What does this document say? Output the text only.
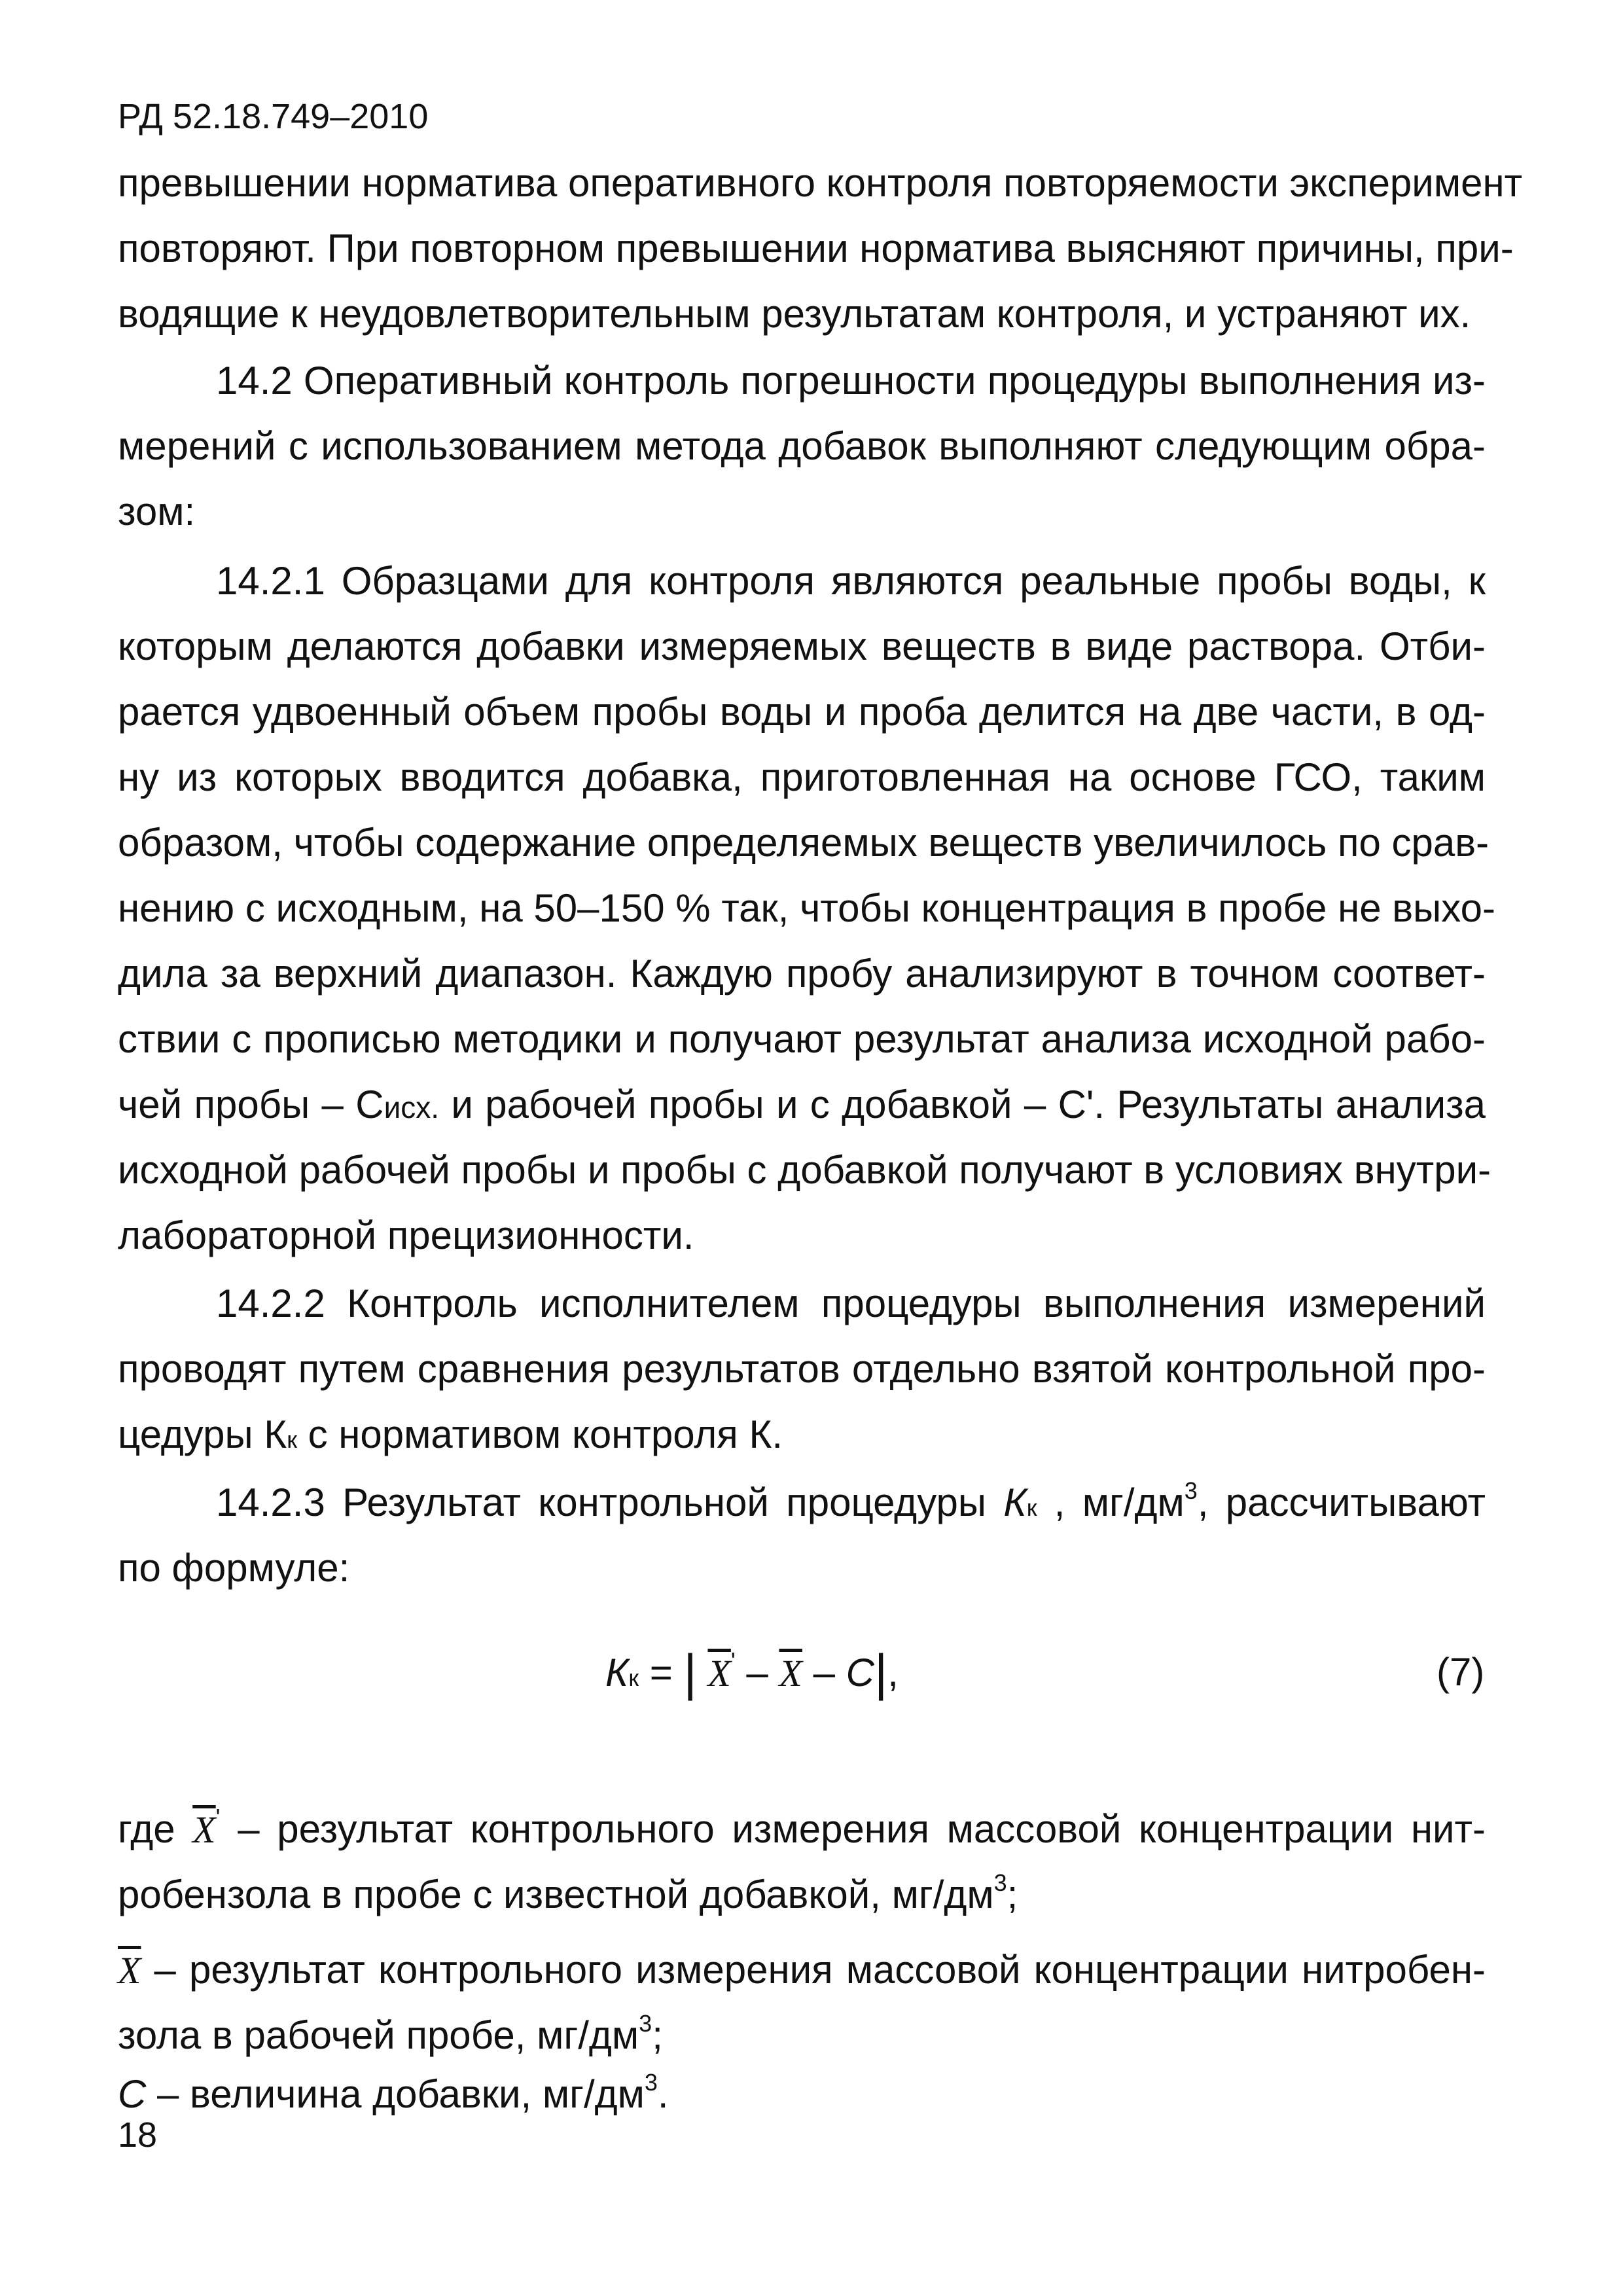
РД 52.18.749–2010

превышении норматива оперативного контроля повторяемости эксперимент

повторяют. При повторном превышении норматива выясняют причины, при-

водящие к неудовлетворительным результатам контроля, и устраняют их.

14.2 Оперативный контроль погрешности процедуры выполнения из-

мерений с использованием метода добавок выполняют следующим обра-

зом:

14.2.1 Образцами для контроля являются реальные пробы воды, к

которым делаются добавки измеряемых веществ в виде раствора. Отби-

рается удвоенный объем пробы воды и проба делится на две части, в од-

ну из которых вводится добавка, приготовленная на основе ГСО, таким

образом, чтобы содержание определяемых веществ увеличилось по срав-

нению с исходным, на 50–150 % так, чтобы концентрация в пробе не выхо-

дила за верхний диапазон. Каждую пробу анализируют в точном соответ-

ствии с прописью методики и получают результат анализа исходной рабо-

чей пробы – Сисх. и рабочей пробы и с добавкой – С'. Результаты анализа

исходной рабочей пробы и пробы с добавкой получают в условиях внутри-

лабораторной прецизионности.

14.2.2 Контроль исполнителем процедуры выполнения измерений

проводят путем сравнения результатов отдельно взятой контрольной про-

цедуры Кк с нормативом контроля К.

14.2.3 Результат контрольной процедуры Кк , $мг/дм^3$, рассчитывают

по формуле:

Кк = | $\overline{X}' - \overline{X} - С|$,	(7)

где $\overline{X}'$ – результат контрольного измерения массовой концентрации нит-

робензола в пробе с известной добавкой, $мг/дм^3$;

$\overline{X}$ – результат контрольного измерения массовой концентрации нитробен-

зола в рабочей пробе, $мг/дм^3$;

С – величина добавки, $мг/дм^3$.

18
